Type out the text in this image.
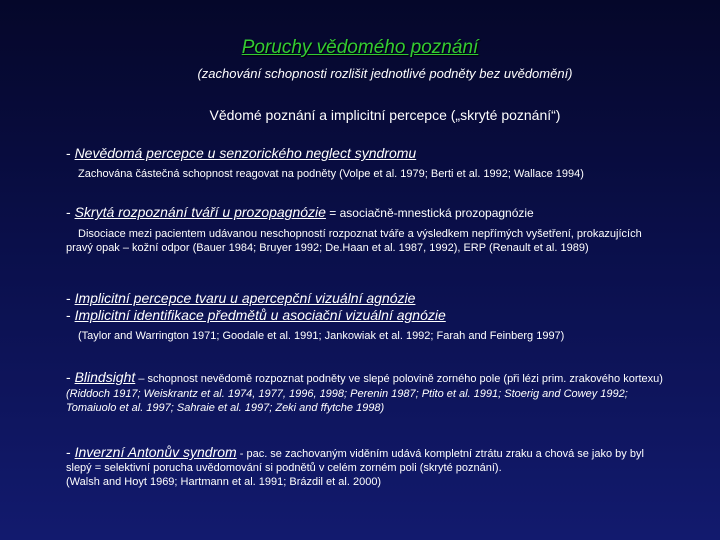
Poruchy vědomého poznání
(zachování schopnosti rozlišit jednotlivé podněty bez uvědomění)
Vědomé poznání a implicitní percepce („skryté poznání“)
- Nevědomá percepce u senzorického neglect syndromu
Zachována částečná schopnost reagovat na podněty (Volpe et al. 1979; Berti et al. 1992; Wallace 1994)
- Skrytá rozpoznání tváří u prozopagnózie = asociačně-mnestická prozopagnózie
Disociace mezi pacientem udávanou neschopností rozpoznat tváře a výsledkem nepřímých vyšetření, prokazujících pravý opak – kožní odpor (Bauer 1984; Bruyer 1992; De.Haan et al. 1987, 1992), ERP (Renault et al. 1989)
- Implicitní percepce tvaru u apercepční vizuální agnózie
- Implicitní identifikace předmětů u asociační vizuální agnózie
(Taylor and Warrington 1971; Goodale et al. 1991; Jankowiak et al. 1992; Farah and Feinberg 1997)
- Blindsight – schopnost nevědomě rozpoznat podněty ve slepé polovině zorného pole (při lézi prim. zrakového kortexu)
(Riddoch 1917; Weiskrantz et al. 1974, 1977, 1996, 1998; Perenin 1987; Ptito et al. 1991; Stoerig and Cowey 1992; Tomaiuolo et al. 1997; Sahraie et al. 1997; Zeki and ffytche 1998)
- Inverzní Antonův syndrom - pac. se zachovaným viděním udává kompletní ztrátu zraku a chová se jako by byl slepý = selektivní porucha uvědomování si podnětů v celém zorném poli (skryté poznání).
(Walsh and Hoyt 1969; Hartmann et al. 1991; Brázdil et al. 2000)
